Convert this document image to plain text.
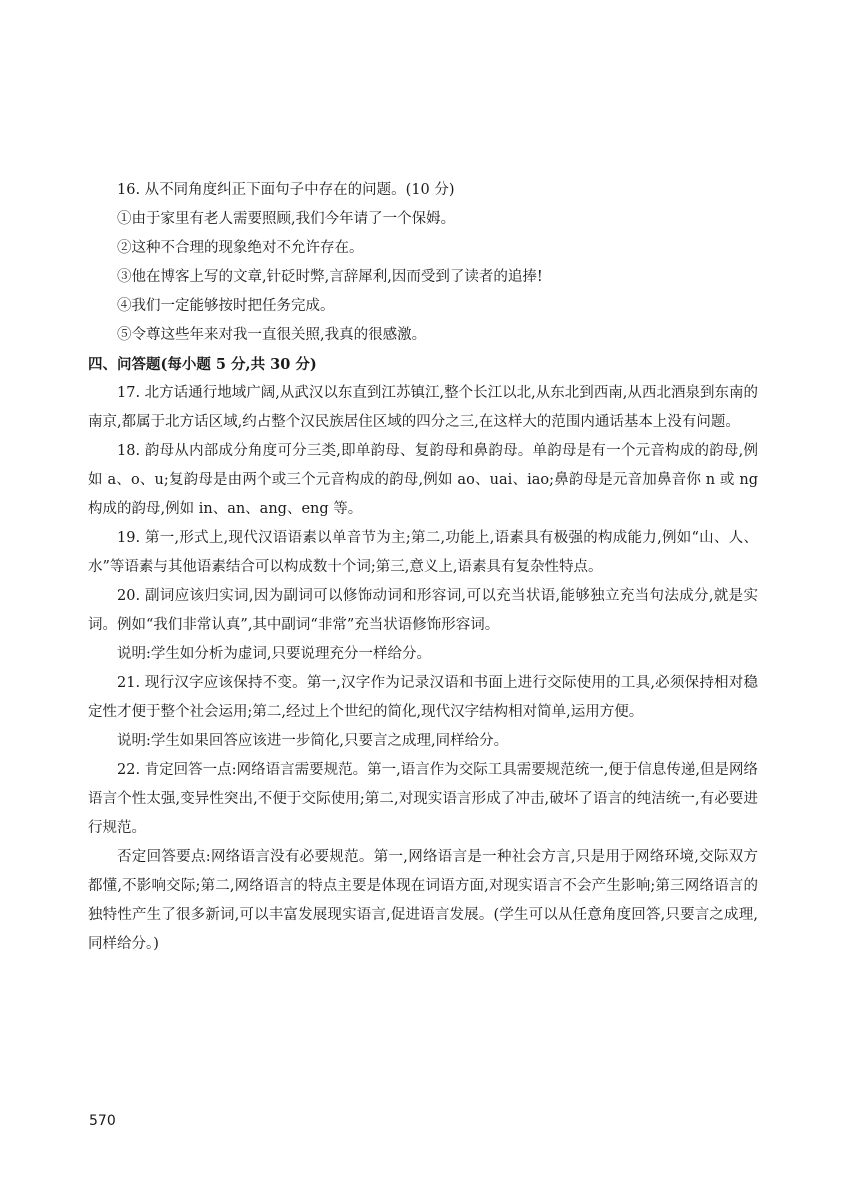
16. 从不同角度纠正下面句子中存在的问题。(10 分)

①由于家里有老人需要照顾,我们今年请了一个保姆。

②这种不合理的现象绝对不允许存在。

③他在博客上写的文章,针砭时弊,言辞犀利,因而受到了读者的追捧!

④我们一定能够按时把任务完成。

⑤令尊这些年来对我一直很关照,我真的很感激。

四、问答题(每小题 5 分,共 30 分)

17. 北方话通行地域广阔,从武汉以东直到江苏镇江,整个长江以北,从东北到西南,从西北酒泉到东南的南京,都属于北方话区域,约占整个汉民族居住区域的四分之三,在这样大的范围内通话基本上没有问题。

18. 韵母从内部成分角度可分三类,即单韵母、复韵母和鼻韵母。单韵母是有一个元音构成的韵母,例如 a、o、u;复韵母是由两个或三个元音构成的韵母,例如 ao、uai、iao;鼻韵母是元音加鼻音你 n 或 ng 构成的韵母,例如 in、an、ang、eng 等。

19. 第一,形式上,现代汉语语素以单音节为主;第二,功能上,语素具有极强的构成能力,例如“山、人、水”等语素与其他语素结合可以构成数十个词;第三,意义上,语素具有复杂性特点。

20. 副词应该归实词,因为副词可以修饰动词和形容词,可以充当状语,能够独立充当句法成分,就是实词。例如“我们非常认真”,其中副词“非常”充当状语修饰形容词。

说明:学生如分析为虚词,只要说理充分一样给分。

21. 现行汉字应该保持不变。第一,汉字作为记录汉语和书面上进行交际使用的工具,必须保持相对稳定性才便于整个社会运用;第二,经过上个世纪的简化,现代汉字结构相对简单,运用方便。

说明:学生如果回答应该进一步简化,只要言之成理,同样给分。

22. 肯定回答一点:网络语言需要规范。第一,语言作为交际工具需要规范统一,便于信息传递,但是网络语言个性太强,变异性突出,不便于交际使用;第二,对现实语言形成了冲击,破坏了语言的纯洁统一,有必要进行规范。

否定回答要点:网络语言没有必要规范。第一,网络语言是一种社会方言,只是用于网络环境,交际双方都懂,不影响交际;第二,网络语言的特点主要是体现在词语方面,对现实语言不会产生影响;第三网络语言的独特性产生了很多新词,可以丰富发展现实语言,促进语言发展。(学生可以从任意角度回答,只要言之成理,同样给分。)

570
